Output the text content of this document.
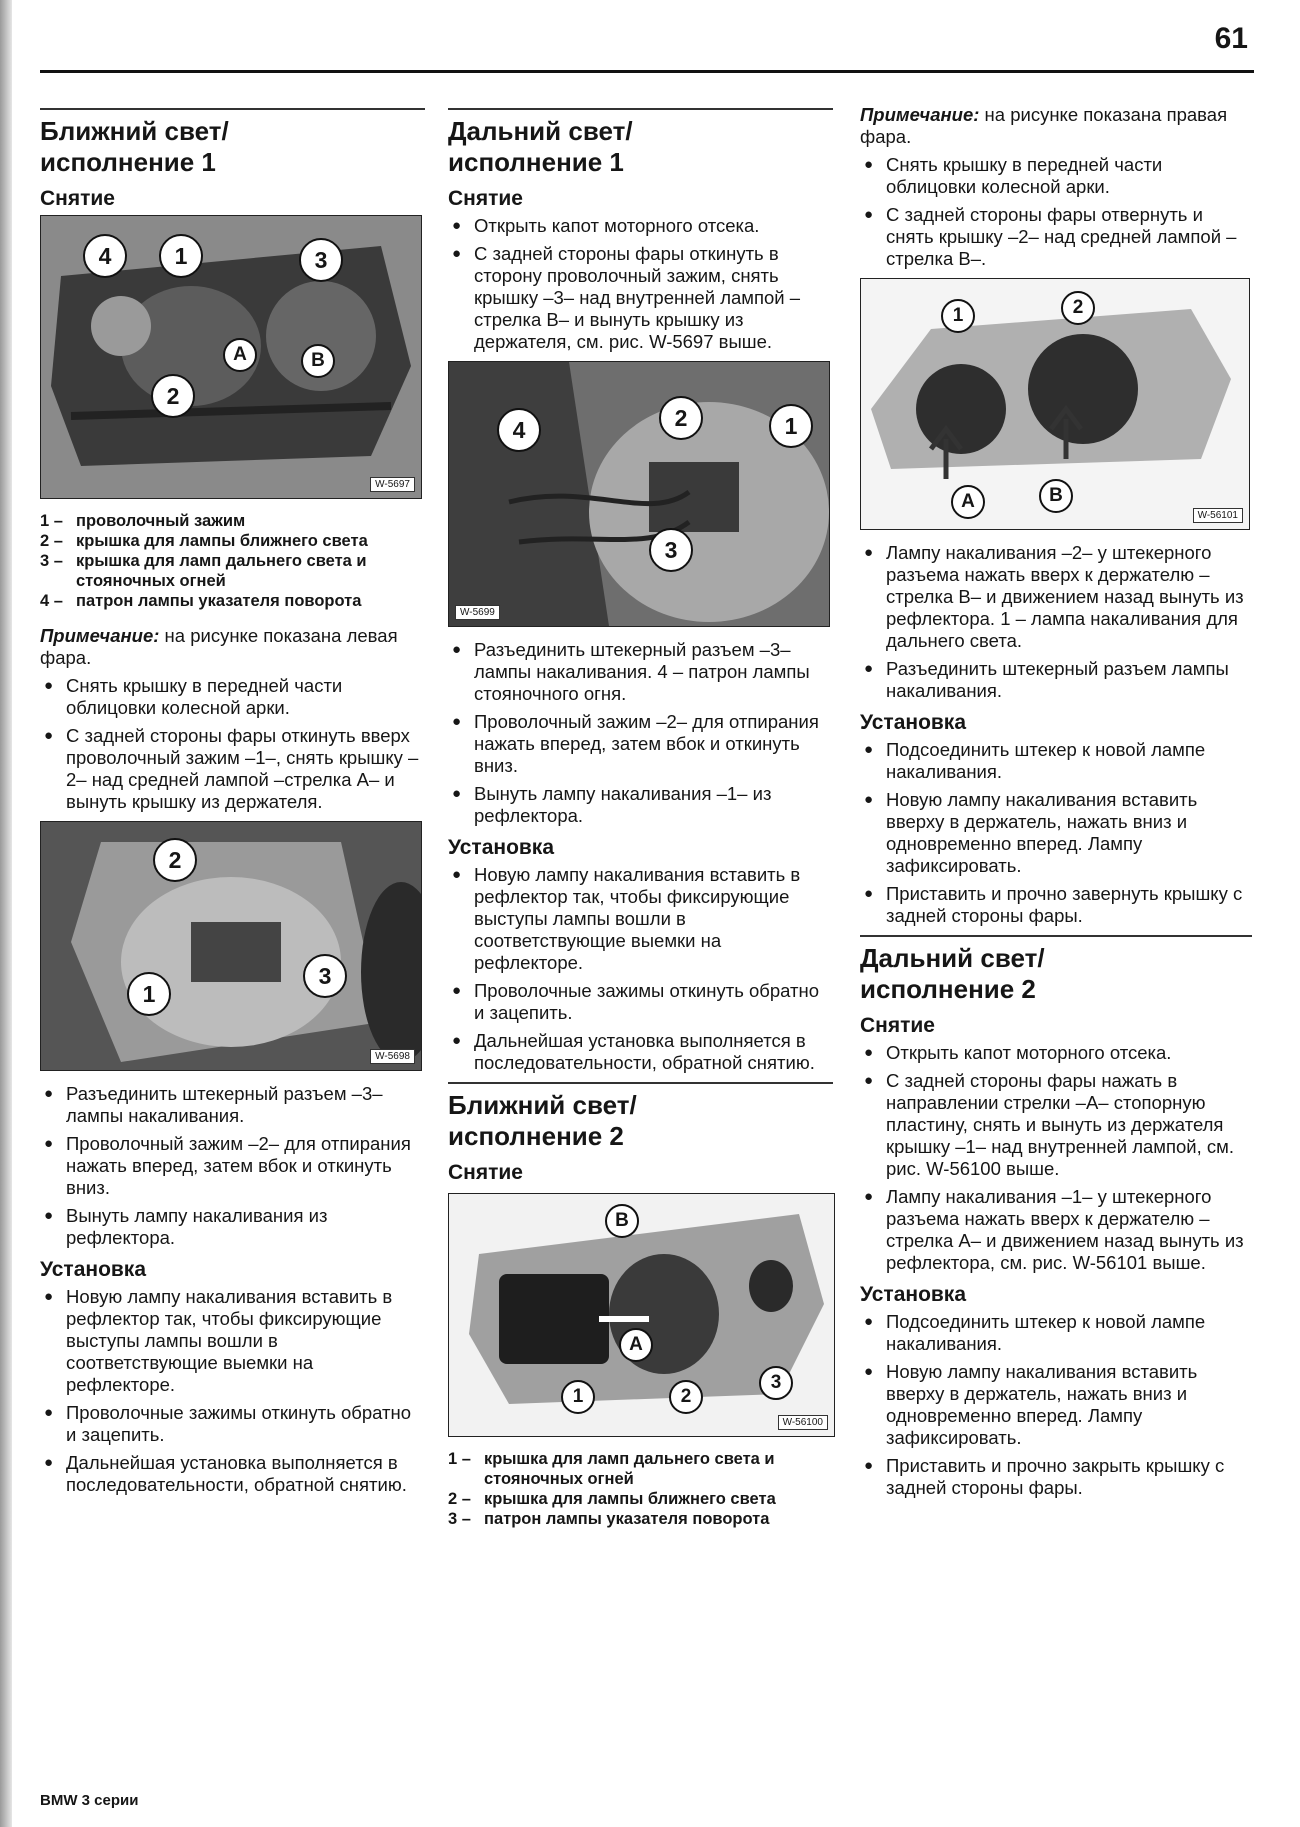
61
Ближний свет/
исполнение 1
Снятие
4	1	3
2
A	B
W-5697
1 – проволочный зажим
2 – крышка для лампы ближнего света
3 – крышка для ламп дальнего света и стояночных огней
4 – патрон лампы указателя поворота

Примечание: на рисунке показана левая фара.

● Снять крышку в передней части облицовки колесной арки.
● С задней стороны фары откинуть вверх проволочный зажим –1–, снять крышку –2– над средней лампой –стрелка А– и вынуть крышку из держателя.
2
1
3
W-5698
● Разъединить штекерный разъем –3– лампы накаливания.
● Проволочный зажим –2– для отпирания нажать вперед, затем вбок и откинуть вниз.
● Вынуть лампу накаливания из рефлектора.
Установка
● Новую лампу накаливания вставить в рефлектор так, чтобы фиксирующие выступы лампы вошли в соответствующие выемки на рефлекторе.
● Проволочные зажимы откинуть обратно и зацепить.
● Дальнейшая установка выполняется в последовательности, обратной снятию.
Дальний свет/
исполнение 1
Снятие
● Открыть капот моторного отсека.
● С задней стороны фары откинуть в сторону проволочный зажим, снять крышку –3– над внутренней лампой –стрелка В– и вынуть крышку из держателя, см. рис. W-5697 выше.
4	2	1
3
W-5699
● Разъединить штекерный разъем –3– лампы накаливания. 4 – патрон лампы стояночного огня.
● Проволочный зажим –2– для отпирания нажать вперед, затем вбок и откинуть вниз.
● Вынуть лампу накаливания –1– из рефлектора.
Установка
● Новую лампу накаливания вставить в рефлектор так, чтобы фиксирующие выступы лампы вошли в соответствующие выемки на рефлекторе.
● Проволочные зажимы откинуть обратно и зацепить.
● Дальнейшая установка выполняется в последовательности, обратной снятию.
Ближний свет/
исполнение 2
Снятие
B
A
1	2
3
W-56100
1 – крышка для ламп дальнего света и стояночных огней
2 – крышка для лампы ближнего света
3 – патрон лампы указателя поворота

Примечание: на рисунке показана правая фара.

● Снять крышку в передней части облицовки колесной арки.
● С задней стороны фары отвернуть и снять крышку –2– над средней лампой –стрелка В–.
1	2
A	B
W-56101
● Лампу накаливания –2– у штекерного разъема нажать вверх к держателю –стрелка В– и движением назад вынуть из рефлектора. 1 – лампа накаливания для дальнего света.
● Разъединить штекерный разъем лампы накаливания.
Установка
● Подсоединить штекер к новой лампе накаливания.
● Новую лампу накаливания вставить вверху в держатель, нажать вниз и одновременно вперед. Лампу зафиксировать.
● Приставить и прочно завернуть крышку с задней стороны фары.
Дальний свет/
исполнение 2
Снятие
● Открыть капот моторного отсека.
● С задней стороны фары нажать в направлении стрелки –А– стопорную пластину, снять и вынуть из держателя крышку –1– над внутренней лампой, см. рис. W-56100 выше.
● Лампу накаливания –1– у штекерного разъема нажать вверх к держателю –стрелка А– и движением назад вынуть из рефлектора, см. рис. W-56101 выше.
Установка
● Подсоединить штекер к новой лампе накаливания.
● Новую лампу накаливания вставить вверху в держатель, нажать вниз и одновременно вперед. Лампу зафиксировать.
● Приставить и прочно закрыть крышку с задней стороны фары.
BMW 3 серии
